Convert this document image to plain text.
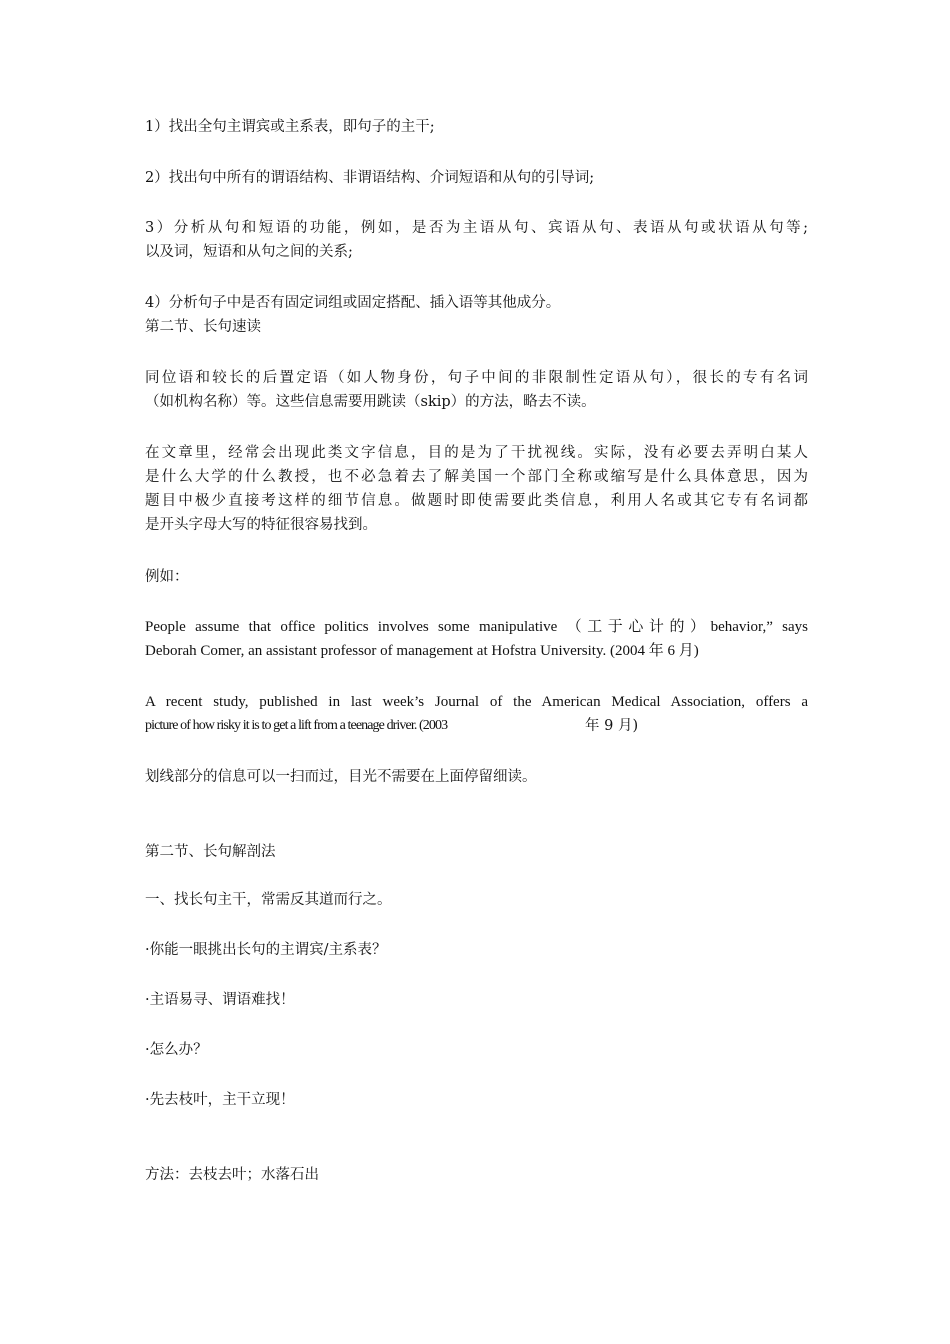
1）找出全句主谓宾或主系表，即句子的主干;
2）找出句中所有的谓语结构、非谓语结构、介词短语和从句的引导词;
3）分析从句和短语的功能，例如，是否为主语从句、宾语从句、表语从句或状语从句等;
以及词，短语和从句之间的关系;
4）分析句子中是否有固定词组或固定搭配、插入语等其他成分。
第二节、长句速读
同位语和较长的后置定语（如人物身份，句子中间的非限制性定语从句），很长的专有名词
（如机构名称）等。这些信息需要用跳读（skip）的方法，略去不读。
在文章里，经常会出现此类文字信息，目的是为了干扰视线。实际，没有必要去弄明白某人
是什么大学的什么教授，也不必急着去了解美国一个部门全称或缩写是什么具体意思，因为
题目中极少直接考这样的细节信息。做题时即使需要此类信息，利用人名或其它专有名词都
是开头字母大写的特征很容易找到。
例如：
People assume that office politics involves some manipulative （工于心计的）behavior,” says
Deborah Comer, an assistant professor of management at Hofstra University. (2004 年 6 月)
A recent study, published in last week’s Journal of the American Medical Association, offers a
picture of how risky it is to get a lift from a teenage driver. (2003	年 9 月)
划线部分的信息可以一扫而过，目光不需要在上面停留细读。
第二节、长句解剖法
一、找长句主干，常需反其道而行之。
·你能一眼挑出长句的主谓宾/主系表？
·主语易寻、谓语难找！
·怎么办？
·先去枝叶，主干立现！
方法：去枝去叶；水落石出
